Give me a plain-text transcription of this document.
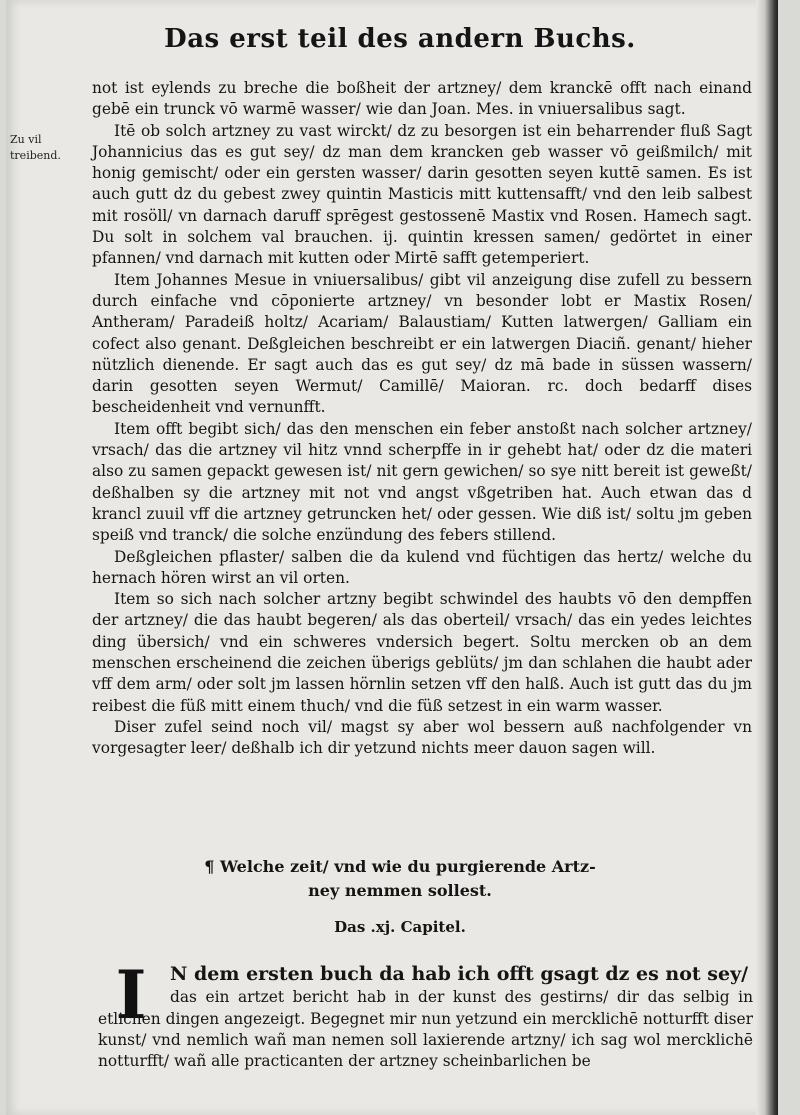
Das erst teil des andern Buchs.
Zu vil treibend.

not ist eylends zu breche die boßheit der artzney/ dem kranckē offt nach einand gebē ein trunck vō warmē wasser/ wie dan Joan. Mes. in vniuersalibus sagt.

Itē ob solch artzney zu vast wirckt/ dz zu besorgen ist ein beharrender fluß Sagt Johannicius das es gut sey/ dz man dem krancken geb wasser vō geißmilch/ mit honig gemischt/ oder ein gersten wasser/ darin gesotten seyen kuttē samen. Es ist auch gutt dz du gebest zwey quintin Masticis mitt kuttensafft/ vnd den leib salbest mit rosöll/ vn darnach daruff sprēgest gestossenē Mastix vnd Rosen. Hamech sagt. Du solt in solchem val brauchen. ij. quintin kressen samen/ gedörtet in einer pfannen/ vnd darnach mit kutten oder Mirtē safft getemperiert.

Item Johannes Mesue in vniuersalibus/ gibt vil anzeigung dise zufell zu bessern durch einfache vnd cōponierte artzney/ vn besonder lobt er Mastix Rosen/ Antheram/ Paradeiß holtz/ Acariam/ Balaustiam/ Kutten latwergen/ Galliam ein cofect also genant. Deßgleichen beschreibt er ein latwergen Diaciñ. genant/ hieher nützlich dienende. Er sagt auch das es gut sey/ dz mā bade in süssen wassern/ darin gesotten seyen Wermut/ Camillē/ Maioran. rc. doch bedarff dises bescheidenheit vnd vernunfft.

Item offt begibt sich/ das den menschen ein feber anstoßt nach solcher artzney/ vrsach/ das die artzney vil hitz vnnd scherpffe in ir gehebt hat/ oder dz die materi also zu samen gepackt gewesen ist/ nit gern gewichen/ so sye nitt bereit ist geweßt/ deßhalben sy die artzney mit not vnd angst vßgetriben hat. Auch etwan das d krancl zuuil vff die artzney getruncken het/ oder gessen. Wie diß ist/ soltu jm geben speiß vnd tranck/ die solche enzündung des febers stillend.

Deßgleichen pflaster/ salben die da kulend vnd füchtigen das hertz/ welche du hernach hören wirst an vil orten.

Item so sich nach solcher artzny begibt schwindel des haubts vō den dempffen der artzney/ die das haubt begeren/ als das oberteil/ vrsach/ das ein yedes leichtes ding übersich/ vnd ein schweres vndersich begert. Soltu mercken ob an dem menschen erscheinend die zeichen überigs geblüts/ jm dan schlahen die haubt ader vff dem arm/ oder solt jm lassen hörnlin setzen vff den halß. Auch ist gutt das du jm reibest die füß mitt einem thuch/ vnd die füß setzest in ein warm wasser.

Diser zufel seind noch vil/ magst sy aber wol bessern auß nachfolgender vn vorgesagter leer/ deßhalb ich dir yetzund nichts meer dauon sagen will.

¶ Welche zeit/ vnd wie du purgierende Artz-
ney nemmen sollest.
Das .xj. Capitel.
I	N dem ersten buch da hab ich offt gsagt dz es not sey/
das ein artzet bericht hab in der kunst des gestirns/ dir das selbig in etlichen dingen angezeigt. Begegnet mir nun yetzund ein mercklichē notturfft diser kunst/ vnd nemlich wañ man nemen soll laxierende artzny/ ich sag wol mercklichē notturfft/ wañ alle practicanten der artzney scheinbarlichen be
